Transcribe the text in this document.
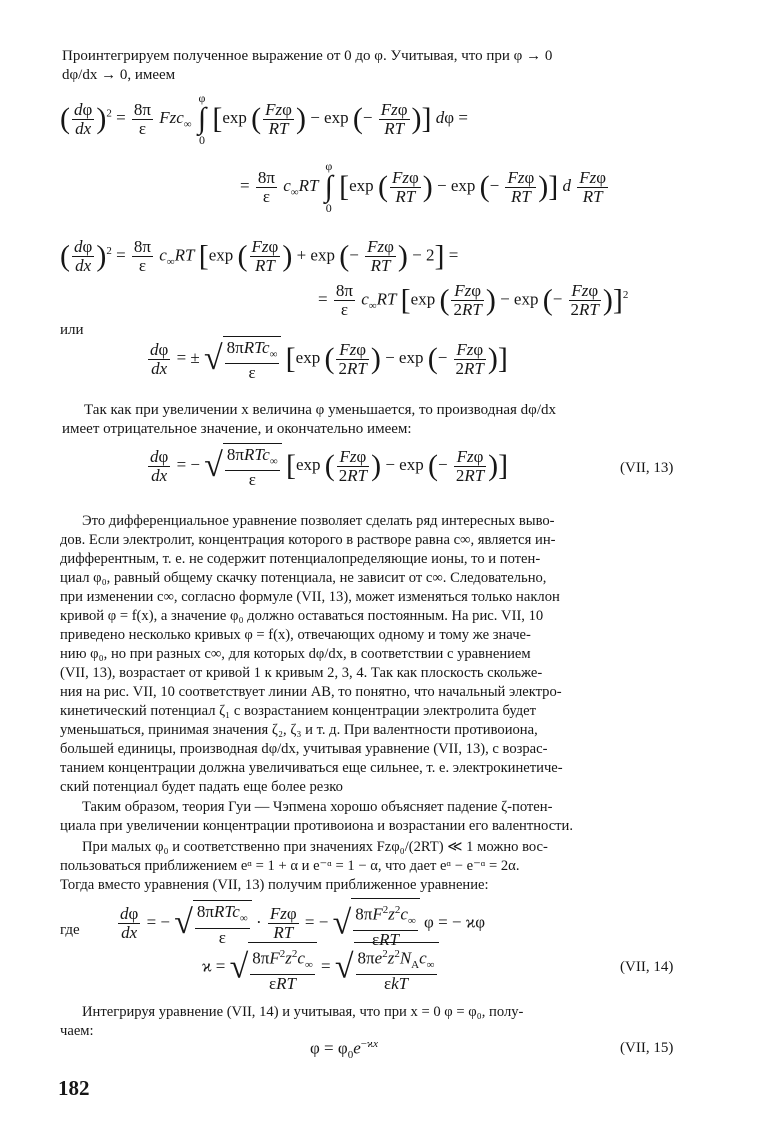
Проинтегрируем полученное выражение от 0 до φ. Учитывая, что при φ → 0
dφ/dx → 0, имеем
( $\frac{d\varphi}{dx} )^2 = \frac{8\pi}{\varepsilon} Fzc_\infty$ φ
∫
0 [exp ( $\frac{\text{Fzφ}}{RT}$ ) − exp (− $\frac{\text{Fzφ}}{RT}$ )] dφ =
= $\frac{8\pi}{\varepsilon} c_\infty RT$ φ
∫
0 [exp ( $\frac{\text{Fzφ}}{RT}$ ) − exp (− $\frac{\text{Fzφ}}{RT}$ )] d $\frac{\text{Fzφ}}{RT}$
( $\frac{d\varphi}{dx} )^2 = \frac{8\pi}{\varepsilon} c_\infty RT$ [exp ( $\frac{\text{Fzφ}}{RT}$ ) + exp (− $\frac{\text{Fzφ}}{RT}$ ) − 2] =
= $\frac{8\pi}{\varepsilon} c_\infty RT$ [exp ( $\frac{\text{Fzφ}}{2RT}$ ) − exp (− $\frac{\text{Fzφ}}{2RT} )]^2$
или
$\frac{d\varphi}{dx}$ = ± √ $\frac{8\pi RTc_\infty}{\varepsilon} [\exp$ ( $\frac{\text{Fzφ}}{2RT}$ ) − exp (− $\frac{\text{Fzφ}}{2RT}$ )]
Так как при увеличении x величина φ уменьшается, то производная dφ/dx
имеет отрицательное значение, и окончательно имеем:
$\frac{d\varphi}{dx}$ = − √ $\frac{8\pi RTc_\infty}{\varepsilon} [\exp$ ( $\frac{\text{Fzφ}}{2RT}$ ) − exp (− $\frac{\text{Fzφ}}{2RT}$ )]	(VII, 13)
Это дифференциальное уравнение позволяет сделать ряд интересных выво-
дов. Если электролит, концентрация которого в растворе равна c∞, является ин-
дифферентным, т. е. не содержит потенциалопределяющие ионы, то и потен-
циал φ₀, равный общему скачку потенциала, не зависит от c∞. Следовательно,
при изменении c∞, согласно формуле (VII, 13), может изменяться только наклон
кривой φ = f(x), а значение φ₀ должно оставаться постоянным. На рис. VII, 10
приведено несколько кривых φ = f(x), отвечающих одному и тому же значе-
нию φ₀, но при разных c∞, для которых dφ/dx, в соответствии с уравнением
(VII, 13), возрастает от кривой 1 к кривым 2, 3, 4. Так как плоскость скольже-
ния на рис. VII, 10 соответствует линии AB, то понятно, что начальный электро-
кинетический потенциал ζ₁ с возрастанием концентрации электролита будет
уменьшаться, принимая значения ζ₂, ζ₃ и т. д. При валентности противоиона,
большей единицы, производная dφ/dx, учитывая уравнение (VII, 13), с возрас-
танием концентрации должна увеличиваться еще сильнее, т. е. электрокинетиче-
ский потенциал будет падать еще более резко
Таким образом, теория Гуи — Чэпмена хорошо объясняет падение ζ-потен-
циала при увеличении концентрации противоиона и возрастании его валентности.
При малых φ₀ и соответственно при значениях Fzφ₀/(2RT) ≪ 1 можно вос-
пользоваться приближением eᵅ = 1 + α и e⁻ᵅ = 1 − α, что дает eᵅ − e⁻ᵅ = 2α.
Тогда вместо уравнения (VII, 13) получим приближенное уравнение:
$\frac{d\varphi}{dx}$ = − √ $\frac{8\pi RTc_\infty}{\varepsilon} \cdot \frac{\text{Fzφ}}{RT}$ = − √ $\frac{8\pi F^2z^2c_\infty}{\text{εRT}}$ φ = − ϰφ
где
ϰ = √ $\frac{8\pi F^2z^2c_\infty}{\text{εRT}}$ = √ $\frac{8\pi e^2z^2N_Ac_\infty}{\text{εkT}}$	(VII, 14)
Интегрируя уравнение (VII, 14) и учитывая, что при x = 0 φ = φ₀, полу-
чаем:
$\varphi = \varphi_0e^{-ϰx}$	(VII, 15)
182
